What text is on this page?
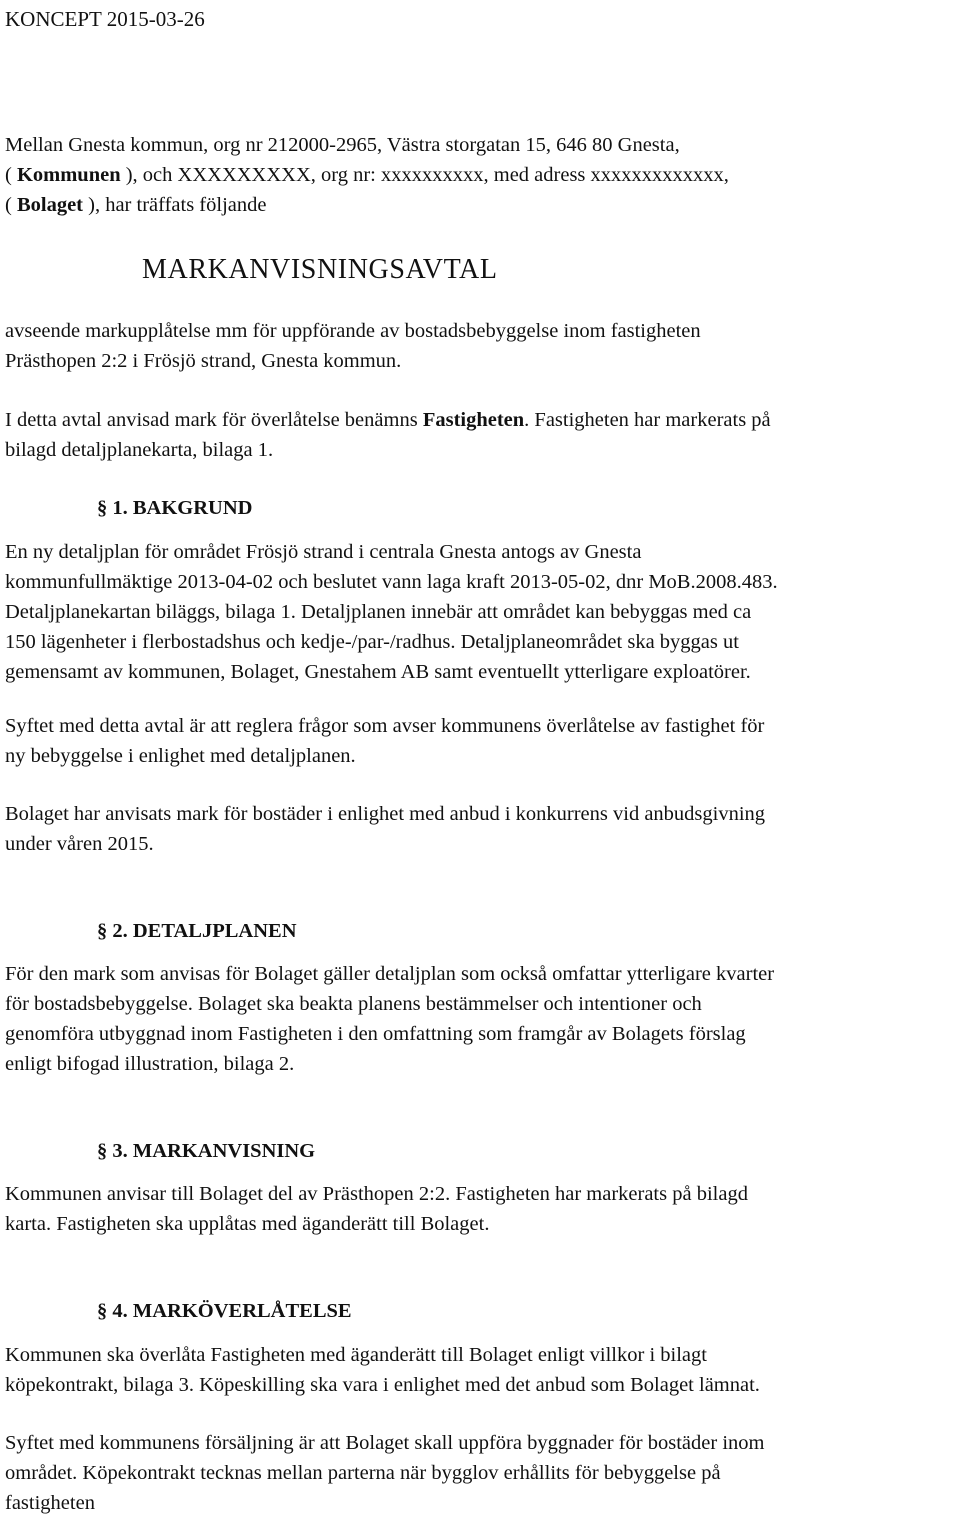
KONCEPT 2015-03-26
Mellan Gnesta kommun, org nr 212000-2965, Västra storgatan 15, 646 80 Gnesta,
( Kommunen ), och XXXXXXXXX, org nr: xxxxxxxxxx, med adress xxxxxxxxxxxxx,
( Bolaget ), har träffats följande
MARKANVISNINGSAVTAL
avseende markupplåtelse mm för uppförande av bostadsbebyggelse inom fastigheten
Prästhopen 2:2 i Frösjö strand, Gnesta kommun.
I detta avtal anvisad mark för överlåtelse benämns Fastigheten. Fastigheten har markerats på
bilagd detaljplanekarta, bilaga 1.
§ 1. BAKGRUND
En ny detaljplan för området Frösjö strand i centrala Gnesta antogs av Gnesta
kommunfullmäktige 2013-04-02 och beslutet vann laga kraft 2013-05-02, dnr MoB.2008.483.
Detaljplanekartan biläggs, bilaga 1. Detaljplanen innebär att området kan bebyggas med ca
150 lägenheter i flerbostadshus och kedje-/par-/radhus. Detaljplaneområdet ska byggas ut
gemensamt av kommunen, Bolaget, Gnestahem AB samt eventuellt ytterligare exploatörer.
Syftet med detta avtal är att reglera frågor som avser kommunens överlåtelse av fastighet för
ny bebyggelse i enlighet med detaljplanen.
Bolaget har anvisats mark för bostäder i enlighet med anbud i konkurrens vid anbudsgivning
under våren 2015.
§ 2. DETALJPLANEN
För den mark som anvisas för Bolaget gäller detaljplan som också omfattar ytterligare kvarter
för bostadsbebyggelse. Bolaget ska beakta planens bestämmelser och intentioner och
genomföra utbyggnad inom Fastigheten i den omfattning som framgår av Bolagets förslag
enligt bifogad illustration, bilaga 2.
§ 3. MARKANVISNING
Kommunen anvisar till Bolaget del av Prästhopen 2:2. Fastigheten har markerats på bilagd
karta. Fastigheten ska upplåtas med äganderätt till Bolaget.
§ 4. MARKÖVERLÅTELSE
Kommunen ska överlåta Fastigheten med äganderätt till Bolaget enligt villkor i bilagt
köpekontrakt, bilaga 3. Köpeskilling ska vara i enlighet med det anbud som Bolaget lämnat.
Syftet med kommunens försäljning är att Bolaget skall uppföra byggnader för bostäder inom
området. Köpekontrakt tecknas mellan parterna när bygglov erhållits för bebyggelse på
fastigheten
